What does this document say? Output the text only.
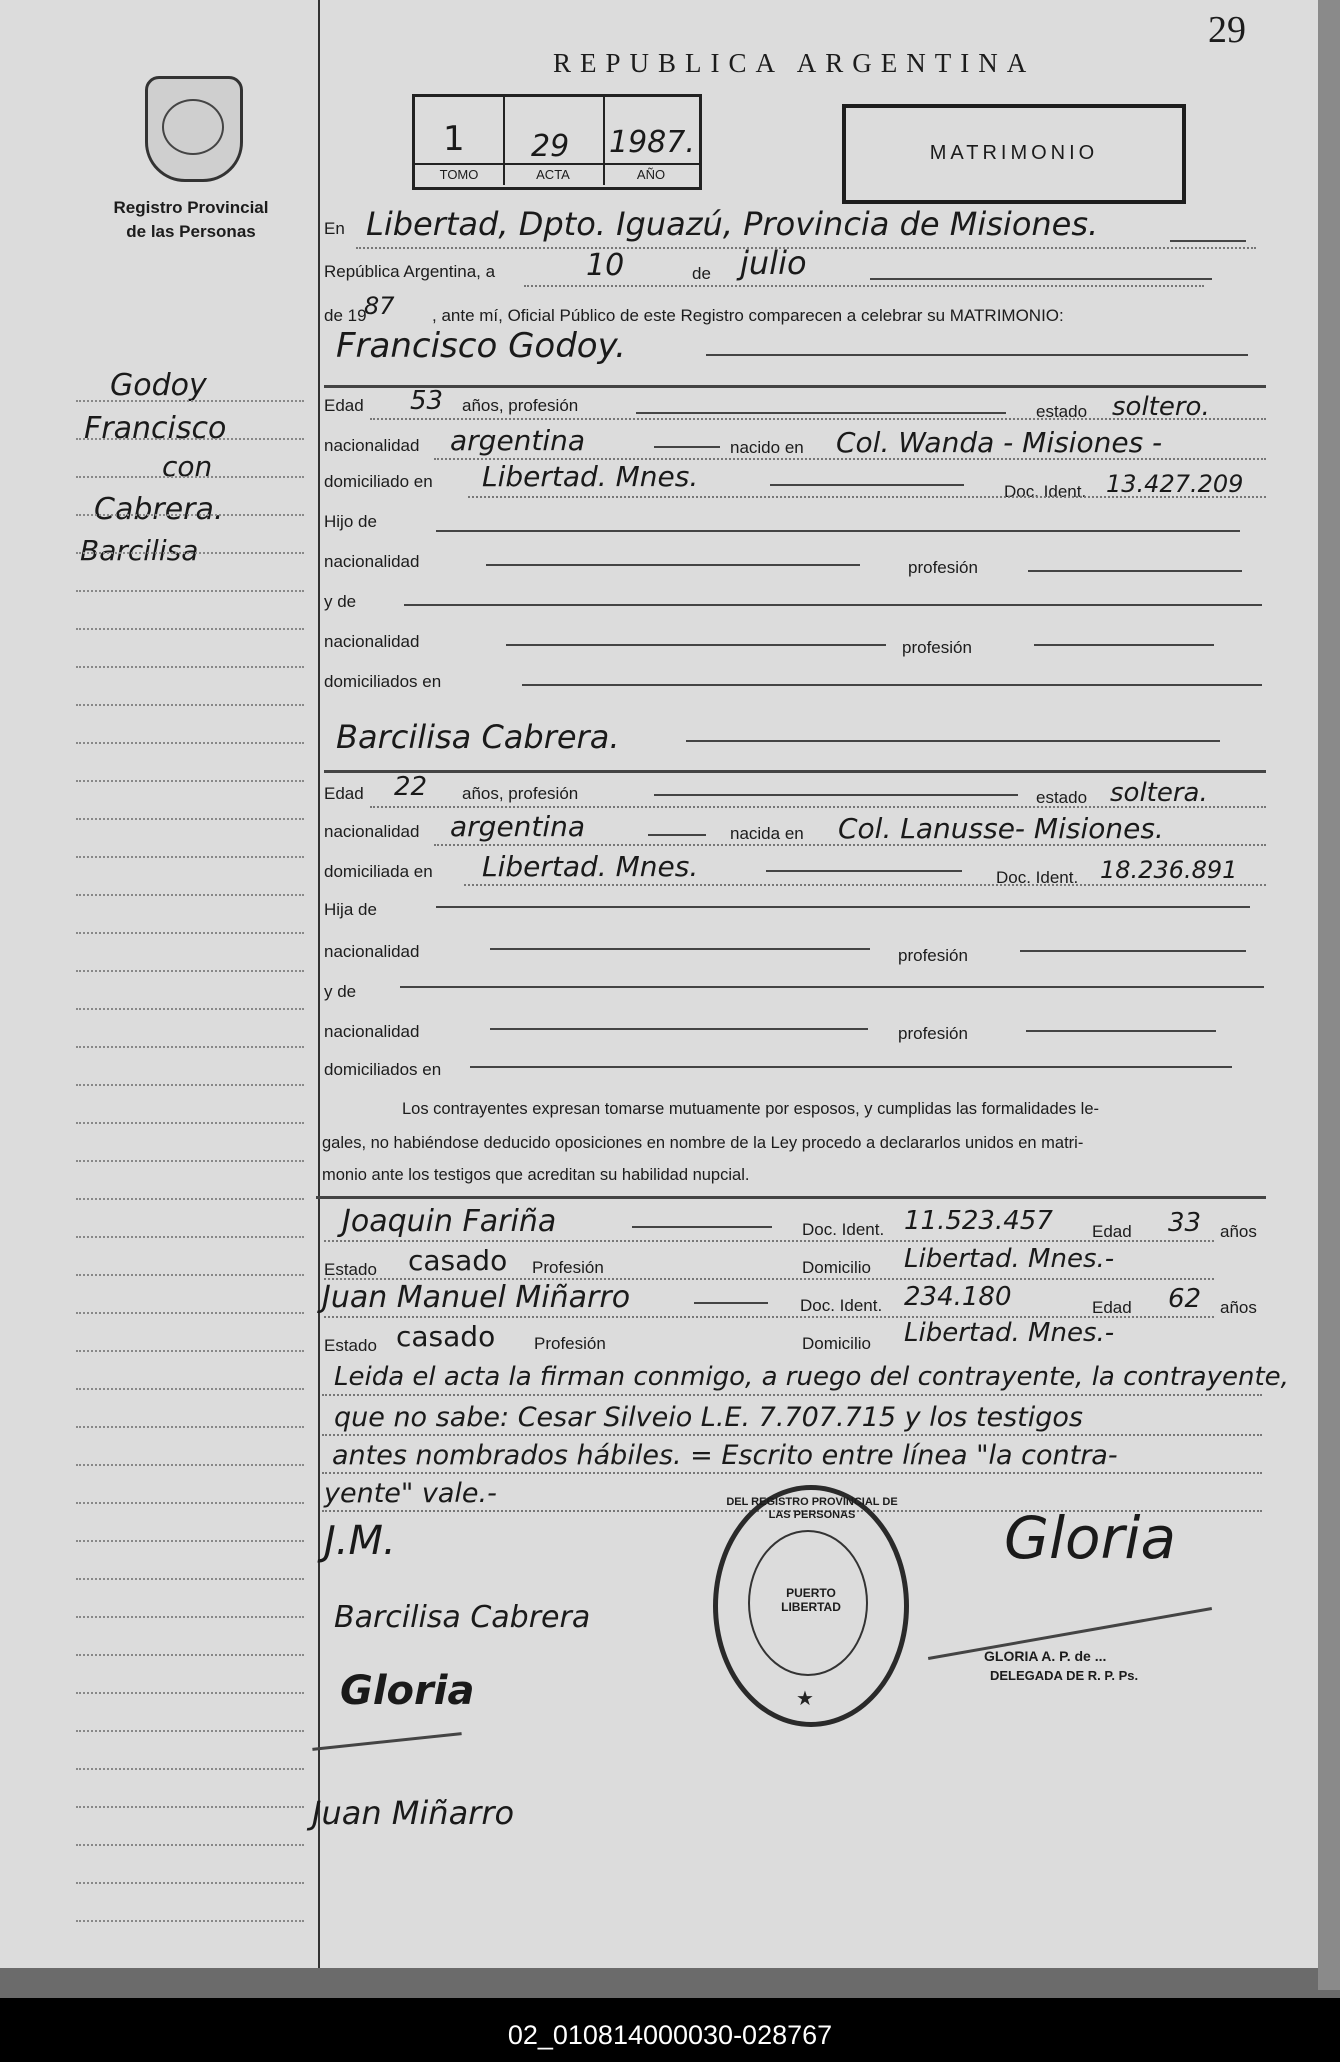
Registro Provincial de las Personas
Godoy
Francisco
con
Cabrera.
Barcilisa
29
REPUBLICA ARGENTINA
1
TOMO
29
ACTA
1987.
AÑO
MATRIMONIO
En Libertad, Dpto. Iguazú, Provincia de Misiones.
República Argentina, a	10	de julio
de 19
87 , ante mí, Oficial Público de este Registro comparecen a celebrar su MATRIMONIO:
Francisco Godoy.
Edad 53 años, profesión	estado soltero.
nacionalidad argentina	nacido en Col. Wanda - Misiones -
domiciliado en Libertad. Mnes.	Doc. Ident. 13.427.209
Hijo de
nacionalidad	profesión
y de
nacionalidad	profesión
domiciliados en
Barcilisa Cabrera.
Edad 22 años, profesión	estado soltera.
nacionalidad argentina	nacida en Col. Lanusse- Misiones.
domiciliada en Libertad. Mnes.	Doc. Ident. 18.236.891
Hija de
nacionalidad	profesión
y de
nacionalidad	profesión
domiciliados en
Los contrayentes expresan tomarse mutuamente por esposos, y cumplidas las formalidades le-
gales, no habiéndose deducido oposiciones en nombre de la Ley procedo a declararlos unidos en matri-
monio ante los testigos que acreditan su habilidad nupcial.
Joaquin Fariña	Doc. Ident. 11.523.457 Edad 33 años
Estado casado Profesión	Domicilio Libertad. Mnes.-
Juan Manuel Miñarro	Doc. Ident. 234.180	Edad 62 años
Estado casado Profesión	Domicilio Libertad. Mnes.-
Leida el acta la firman conmigo, a ruego del contrayente, la contrayente,
que no sabe: Cesar Silveio L.E. 7.707.715 y los testigos
antes nombrados hábiles. = Escrito entre línea "la contra-
yente" vale.-
J.M.
Barcilisa Cabrera
Gloria
Juan Miñarro
DEL REGISTRO PROVINCIAL DE LAS PERSONAS
PUERTO LIBERTAD
★
Gloria
GLORIA A. P. de ...
DELEGADA DE R. P. Ps.
02_010814000030-028767
